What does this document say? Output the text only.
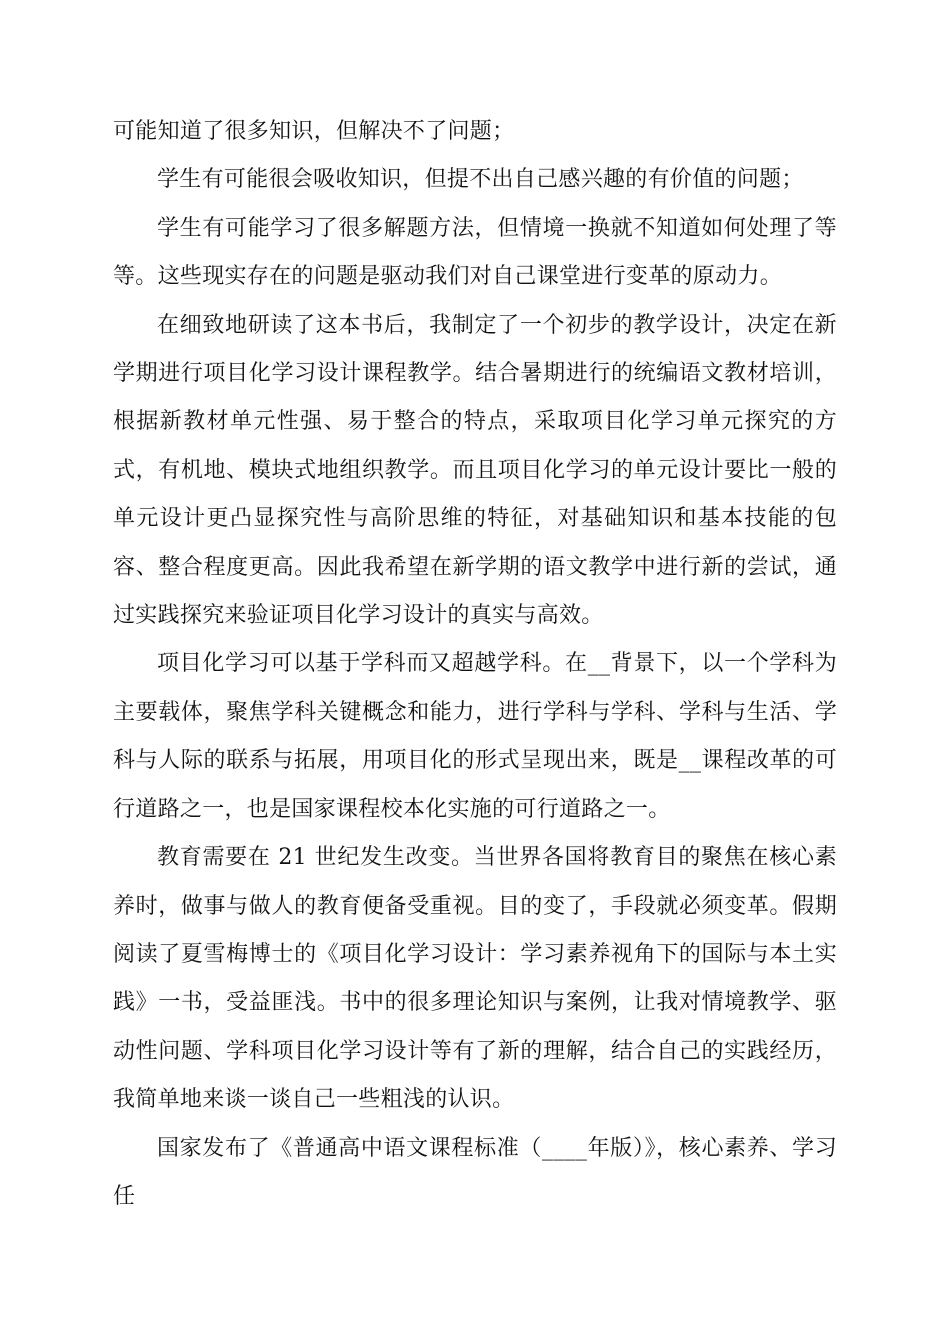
可能知道了很多知识，但解决不了问题；

学生有可能很会吸收知识，但提不出自己感兴趣的有价值的问题；

学生有可能学习了很多解题方法，但情境一换就不知道如何处理了等等。这些现实存在的问题是驱动我们对自己课堂进行变革的原动力。

在细致地研读了这本书后，我制定了一个初步的教学设计，决定在新学期进行项目化学习设计课程教学。结合暑期进行的统编语文教材培训，根据新教材单元性强、易于整合的特点，采取项目化学习单元探究的方式，有机地、模块式地组织教学。而且项目化学习的单元设计要比一般的单元设计更凸显探究性与高阶思维的特征，对基础知识和基本技能的包容、整合程度更高。因此我希望在新学期的语文教学中进行新的尝试，通过实践探究来验证项目化学习设计的真实与高效。

项目化学习可以基于学科而又超越学科。在__背景下，以一个学科为主要载体，聚焦学科关键概念和能力，进行学科与学科、学科与生活、学科与人际的联系与拓展，用项目化的形式呈现出来，既是__课程改革的可行道路之一，也是国家课程校本化实施的可行道路之一。

教育需要在 21 世纪发生改变。当世界各国将教育目的聚焦在核心素养时，做事与做人的教育便备受重视。目的变了，手段就必须变革。假期阅读了夏雪梅博士的《项目化学习设计：学习素养视角下的国际与本土实践》一书，受益匪浅。书中的很多理论知识与案例，让我对情境教学、驱动性问题、学科项目化学习设计等有了新的理解，结合自己的实践经历，我简单地来谈一谈自己一些粗浅的认识。

国家发布了《普通高中语文课程标准（____年版）》，核心素养、学习任
